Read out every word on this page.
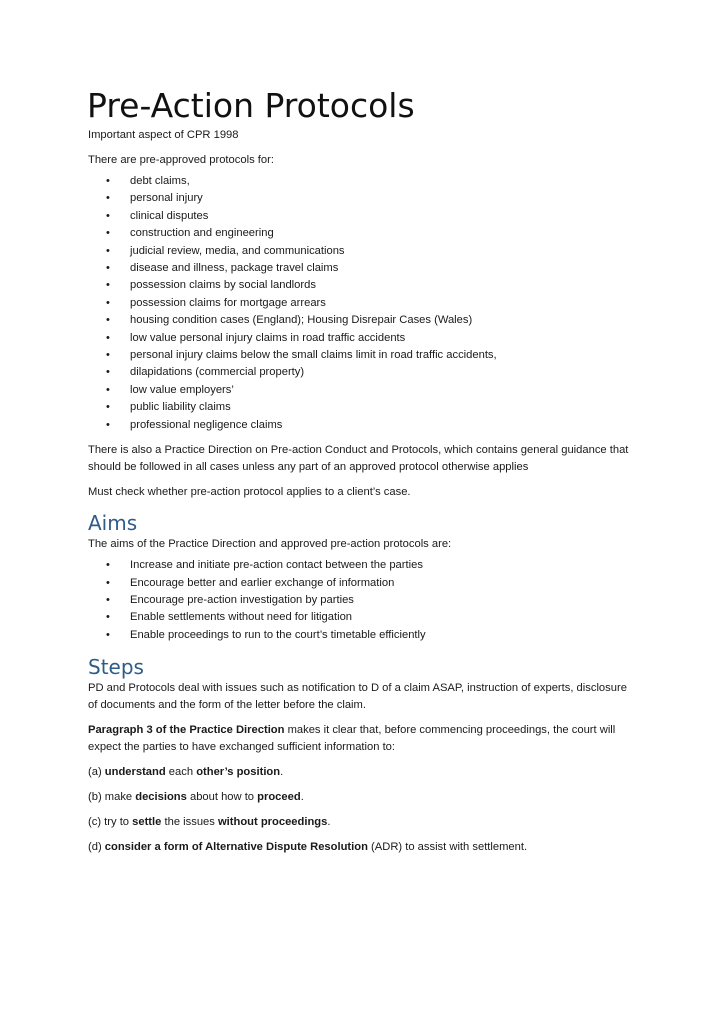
Pre-Action Protocols

Important aspect of CPR 1998

There are pre-approved protocols for:

• debt claims,
• personal injury
• clinical disputes
• construction and engineering
• judicial review, media, and communications
• disease and illness, package travel claims
• possession claims by social landlords
• possession claims for mortgage arrears
• housing condition cases (England); Housing Disrepair Cases (Wales)
• low value personal injury claims in road traffic accidents
• personal injury claims below the small claims limit in road traffic accidents,
• dilapidations (commercial property)
• low value employers’
• public liability claims
• professional negligence claims

There is also a Practice Direction on Pre-action Conduct and Protocols, which contains general guidance that should be followed in all cases unless any part of an approved protocol otherwise applies

Must check whether pre-action protocol applies to a client’s case.

Aims

The aims of the Practice Direction and approved pre-action protocols are:

• Increase and initiate pre-action contact between the parties
• Encourage better and earlier exchange of information
• Encourage pre-action investigation by parties
• Enable settlements without need for litigation
• Enable proceedings to run to the court’s timetable efficiently
Steps

PD and Protocols deal with issues such as notification to D of a claim ASAP, instruction of experts, disclosure of documents and the form of the letter before the claim.

Paragraph 3 of the Practice Direction makes it clear that, before commencing proceedings, the court will expect the parties to have exchanged sufficient information to:

(a) understand each other’s position.

(b) make decisions about how to proceed.

(c) try to settle the issues without proceedings.

(d) consider a form of Alternative Dispute Resolution (ADR) to assist with settlement.
